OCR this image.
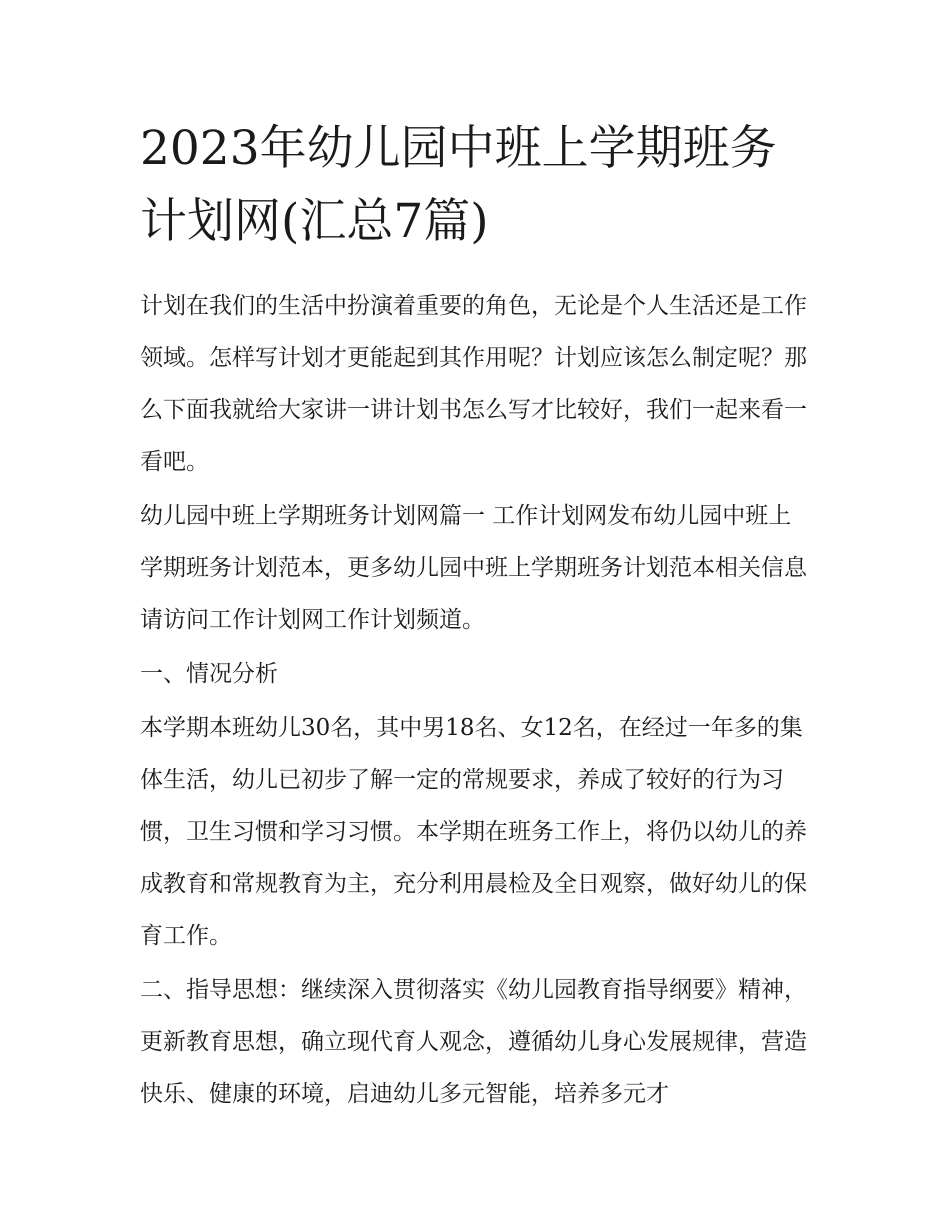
2023年幼儿园中班上学期班务
计划网(汇总7篇)

计划在我们的生活中扮演着重要的角色，无论是个人生活还是工作领域。怎样写计划才更能起到其作用呢？计划应该怎么制定呢？那么下面我就给大家讲一讲计划书怎么写才比较好，我们一起来看一看吧。

幼儿园中班上学期班务计划网篇一 工作计划网发布幼儿园中班上学期班务计划范本，更多幼儿园中班上学期班务计划范本相关信息请访问工作计划网工作计划频道。

一、情况分析

本学期本班幼儿30名，其中男18名、女12名，在经过一年多的集体生活，幼儿已初步了解一定的常规要求，养成了较好的行为习惯，卫生习惯和学习习惯。本学期在班务工作上，将仍以幼儿的养成教育和常规教育为主，充分利用晨检及全日观察，做好幼儿的保育工作。

二、指导思想：继续深入贯彻落实《幼儿园教育指导纲要》精神，更新教育思想，确立现代育人观念，遵循幼儿身心发展规律，营造快乐、健康的环境，启迪幼儿多元智能，培养多元才
